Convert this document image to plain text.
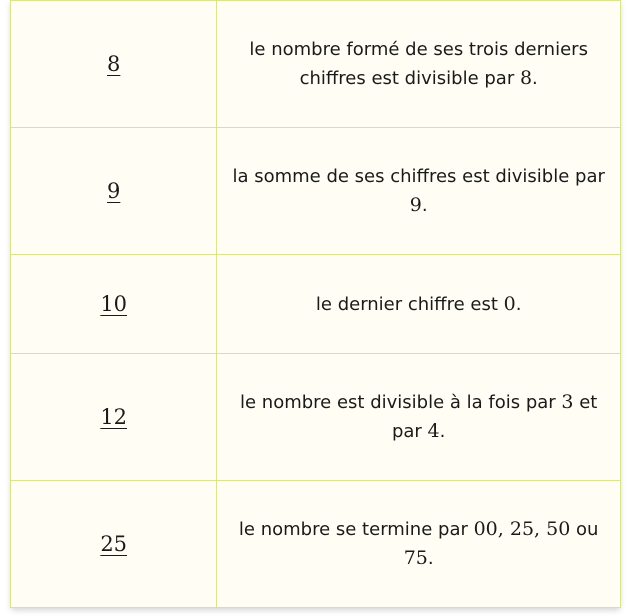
8	le nombre formé de ses trois derniers chiffres est divisible par 8.
9	la somme de ses chiffres est divisible par 9.
10	le dernier chiffre est 0.
12	le nombre est divisible à la fois par 3 et par 4.
25	le nombre se termine par 00, 25, 50 ou 75.
